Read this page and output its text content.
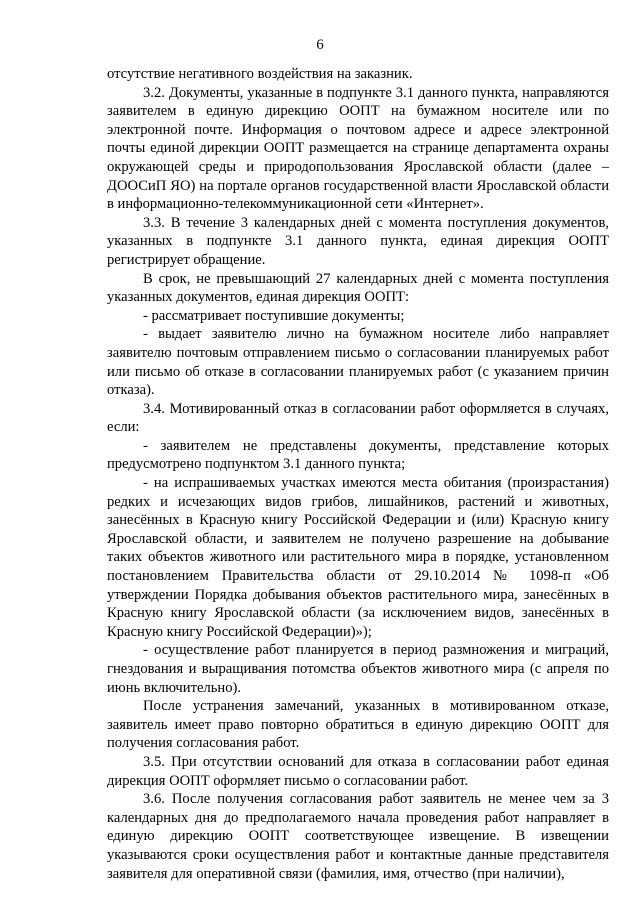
6

отсутствие негативного воздействия на заказник.

3.2. Документы, указанные в подпункте 3.1 данного пункта, направляются заявителем в единую дирекцию ООПТ на бумажном носителе или по электронной почте. Информация о почтовом адресе и адресе электронной почты единой дирекции ООПТ размещается на странице департамента охраны окружающей среды и природопользования Ярославской области (далее – ДООСиП ЯО) на портале органов государственной власти Ярославской области в информационно-телекоммуникационной сети «Интернет».

3.3. В течение 3 календарных дней с момента поступления документов, указанных в подпункте 3.1 данного пункта, единая дирекция ООПТ регистрирует обращение.

В срок, не превышающий 27 календарных дней с момента поступления указанных документов, единая дирекция ООПТ:

- рассматривает поступившие документы;

- выдает заявителю лично на бумажном носителе либо направляет заявителю почтовым отправлением письмо о согласовании планируемых работ или письмо об отказе в согласовании планируемых работ (с указанием причин отказа).

3.4. Мотивированный отказ в согласовании работ оформляется в случаях, если:

- заявителем не представлены документы, представление которых предусмотрено подпунктом 3.1 данного пункта;

- на испрашиваемых участках имеются места обитания (произрастания) редких и исчезающих видов грибов, лишайников, растений и животных, занесённых в Красную книгу Российской Федерации и (или) Красную книгу Ярославской области, и заявителем не получено разрешение на добывание таких объектов животного или растительного мира в порядке, установленном постановлением Правительства области от 29.10.2014 № 1098-п «Об утверждении Порядка добывания объектов растительного мира, занесённых в Красную книгу Ярославской области (за исключением видов, занесённых в Красную книгу Российской Федерации)»);

- осуществление работ планируется в период размножения и миграций, гнездования и выращивания потомства объектов животного мира (с апреля по июнь включительно).

После устранения замечаний, указанных в мотивированном отказе, заявитель имеет право повторно обратиться в единую дирекцию ООПТ для получения согласования работ.

3.5. При отсутствии оснований для отказа в согласовании работ единая дирекция ООПТ оформляет письмо о согласовании работ.

3.6. После получения согласования работ заявитель не менее чем за 3 календарных дня до предполагаемого начала проведения работ направляет в единую дирекцию ООПТ соответствующее извещение. В извещении указываются сроки осуществления работ и контактные данные представителя заявителя для оперативной связи (фамилия, имя, отчество (при наличии),
